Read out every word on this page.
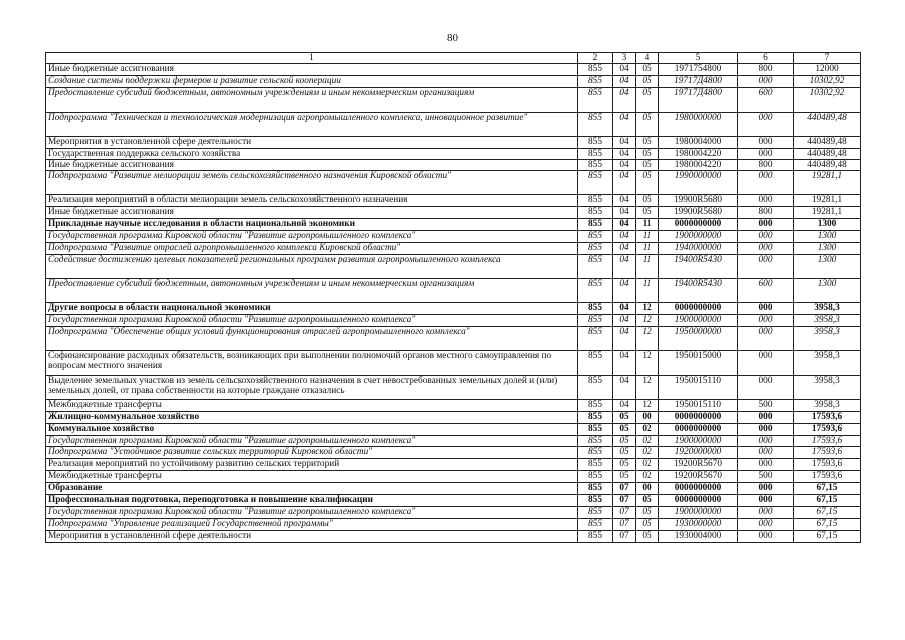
80
1	2	3	4	5	6	7
Иные бюджетные ассигнования	855	04	05	1971754800	800	12000
Создание системы поддержки фермеров и развитие сельской кооперации	855	04	05	19717Д4800	000	10302,92
Предоставление субсидий бюджетным, автономным учреждениям и иным некоммерческим организациям	855	04	05	19717Д4800	600	10302,92
Подпрограмма "Техническая и технологическая модернизация агропромышленного комплекса, инновационное развитие"	855	04	05	1980000000	000	440489,48
Мероприятия в установленной сфере деятельности	855	04	05	1980004000	000	440489,48
Государственная поддержка сельского хозяйства	855	04	05	1980004220	000	440489,48
Иные бюджетные ассигнования	855	04	05	1980004220	800	440489,48
Подпрограмма "Развитие мелиорации земель сельскохозяйственного назначения Кировской области"	855	04	05	1990000000	000	19281,1
Реализация мероприятий в области мелиорации земель сельскохозяйственного назначения	855	04	05	19900R5680	000	19281,1
Иные бюджетные ассигнования	855	04	05	19900R5680	800	19281,1
Прикладные научные исследования в области национальной экономики	855	04	11	0000000000	000	1300
Государственная программа Кировской области "Развитие агропромышленного комплекса"	855	04	11	1900000000	000	1300
Подпрограмма "Развитие отраслей агропромышленного комплекса Кировской области"	855	04	11	1940000000	000	1300
Содействие достижению целевых показателей региональных программ развития агропромышленного комплекса	855	04	11	19400R5430	000	1300
Предоставление субсидий бюджетным, автономным учреждениям и иным некоммерческим организациям	855	04	11	19400R5430	600	1300
Другие вопросы в области национальной экономики	855	04	12	0000000000	000	3958,3
Государственная программа Кировской области "Развитие агропромышленного комплекса"	855	04	12	1900000000	000	3958,3
Подпрограмма "Обеспечение общих условий функционирования отраслей агропромышленного комплекса"	855	04	12	1950000000	000	3958,3
Софинансирование расходных обязательств, возникающих при выполнении полномочий органов местного самоуправления по вопросам местного значения	855	04	12	1950015000	000	3958,3
Выделение земельных участков из земель сельскохозяйственного назначения в счет невостребованных земельных долей и (или) земельных долей, от права собственности на которые граждане отказались	855	04	12	1950015110	000	3958,3
Межбюджетные трансферты	855	04	12	1950015110	500	3958,3
Жилищно-коммунальное хозяйство	855	05	00	0000000000	000	17593,6
Коммунальное хозяйство	855	05	02	0000000000	000	17593,6
Государственная программа Кировской области "Развитие агропромышленного комплекса"	855	05	02	1900000000	000	17593,6
Подпрограмма "Устойчивое развитие сельских территорий Кировской области"	855	05	02	1920000000	000	17593,6
Реализация мероприятий по устойчивому развитию сельских территорий	855	05	02	19200R5670	000	17593,6
Межбюджетные трансферты	855	05	02	19200R5670	500	17593,6
Образование	855	07	00	0000000000	000	67,15
Профессиональная подготовка, переподготовка и повышение квалификации	855	07	05	0000000000	000	67,15
Государственная программа Кировской области "Развитие агропромышленного комплекса"	855	07	05	1900000000	000	67,15
Подпрограмма "Управление реализацией Государственной программы"	855	07	05	1930000000	000	67,15
Мероприятия в установленной сфере деятельности	855	07	05	1930004000	000	67,15
